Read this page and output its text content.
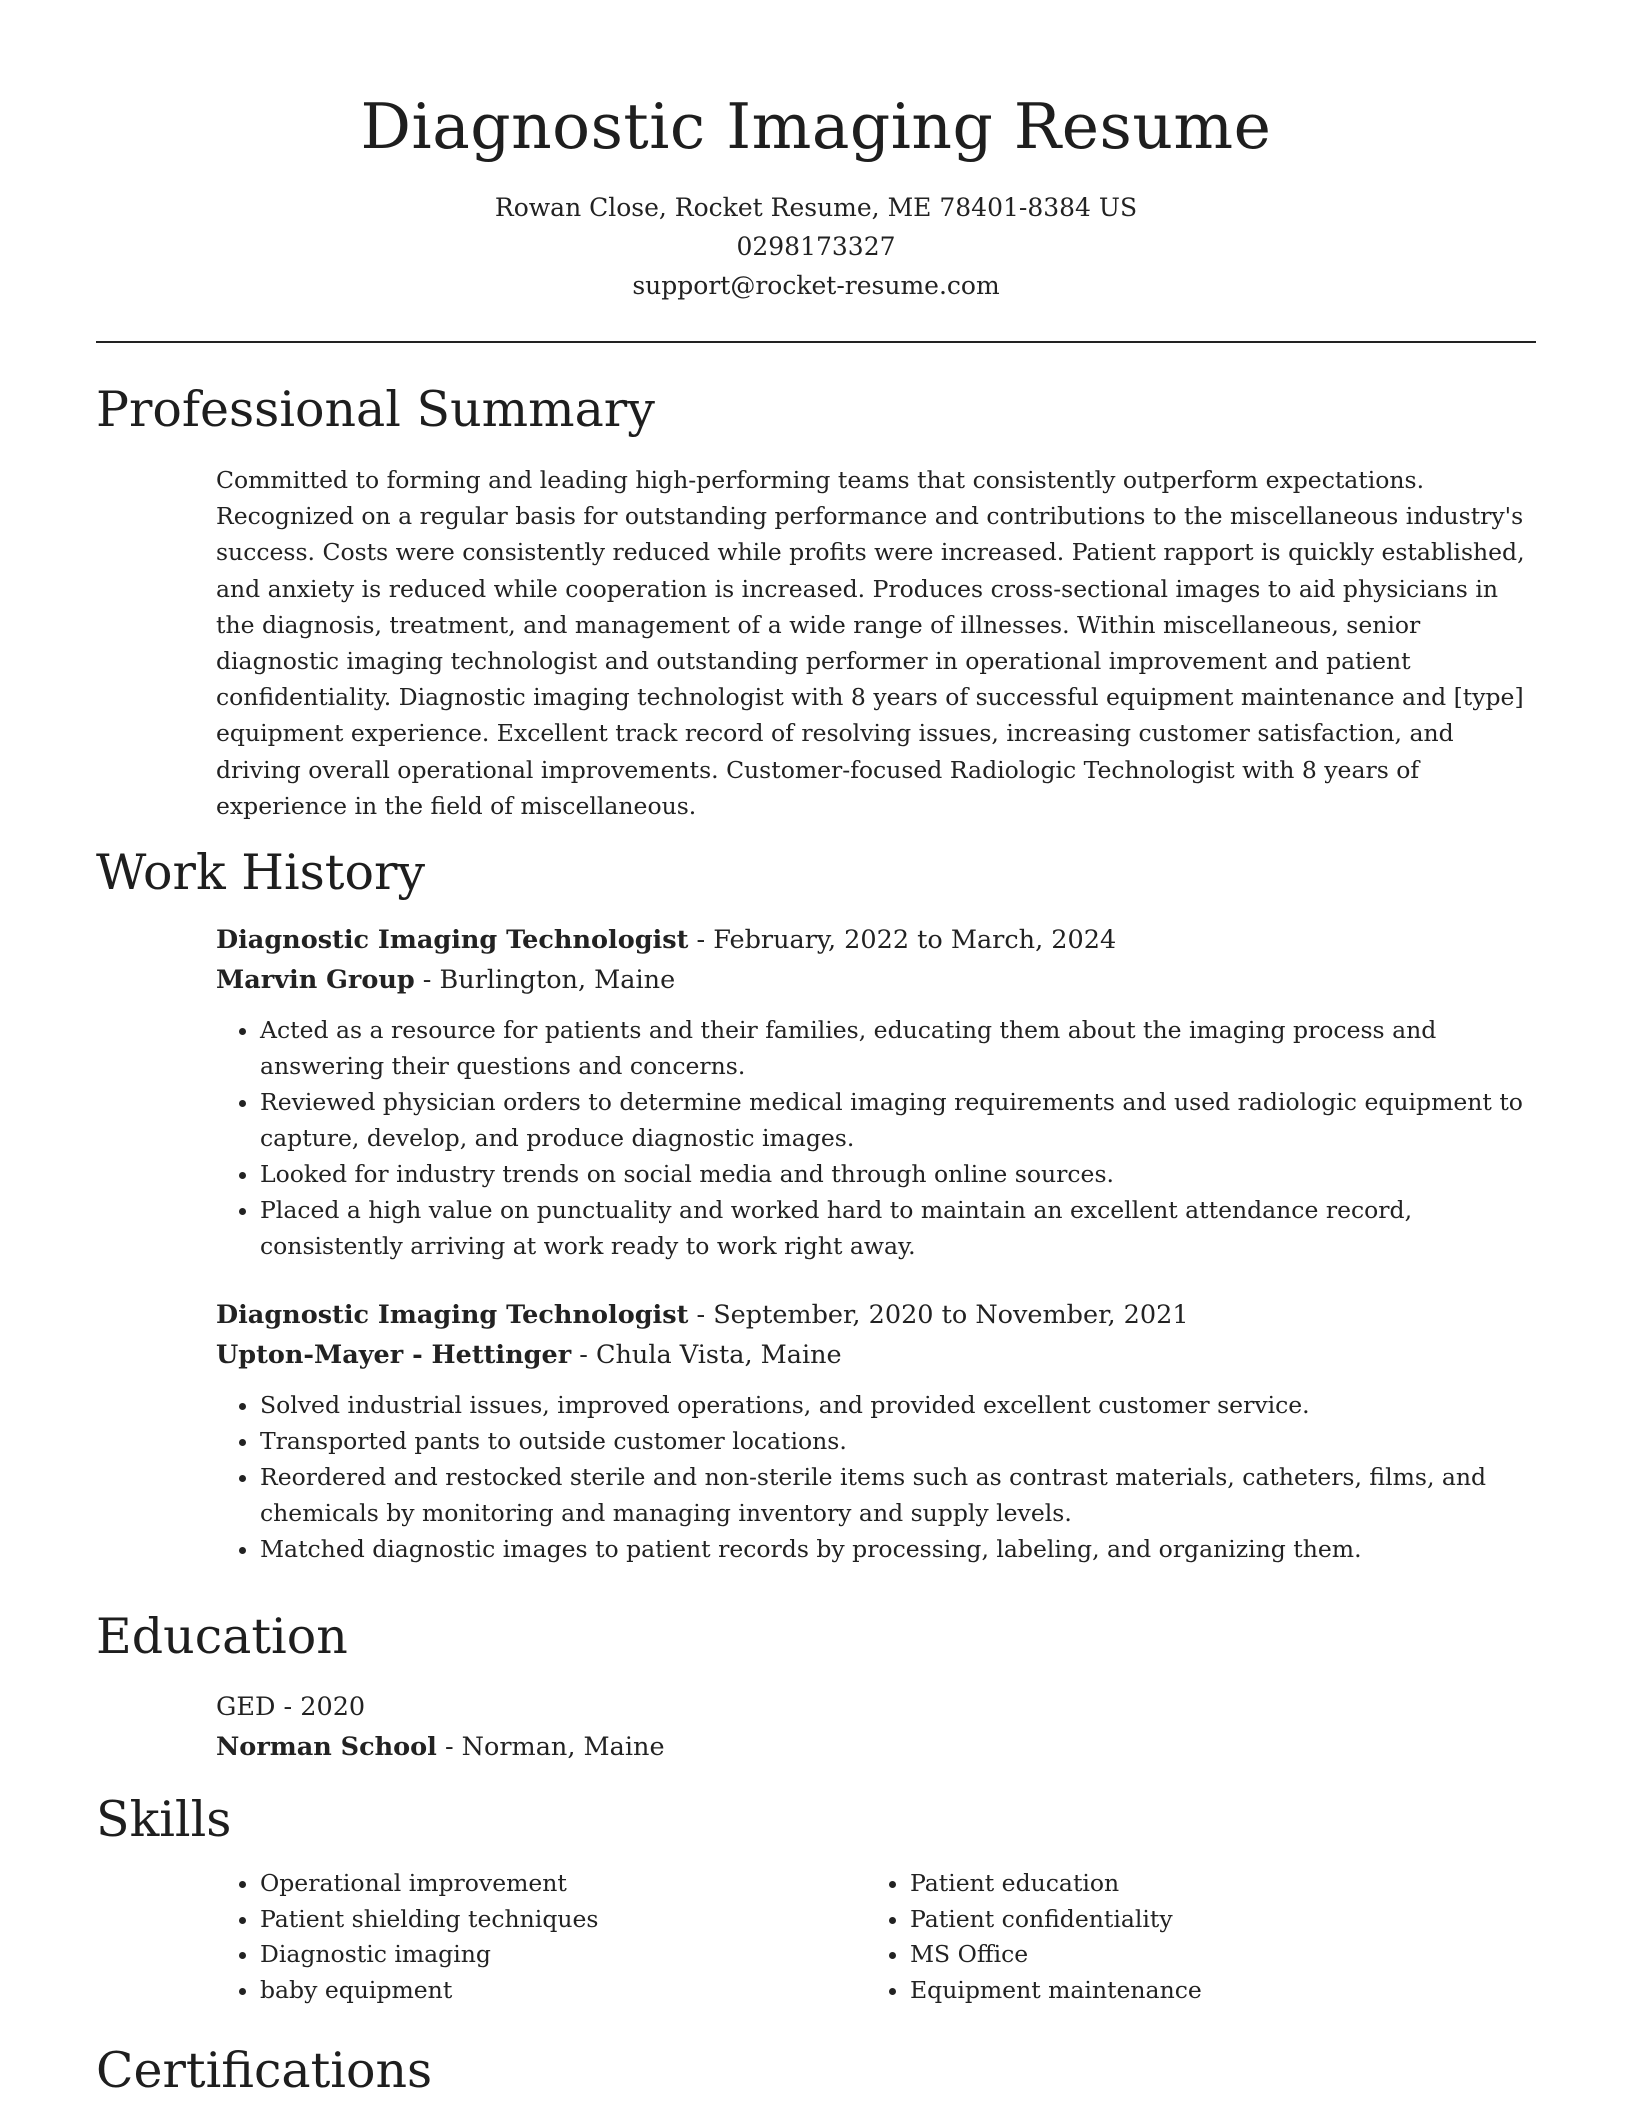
Diagnostic Imaging Resume
Rowan Close, Rocket Resume, ME 78401-8384 US
0298173327
support@rocket-resume.com
Professional Summary

Committed to forming and leading high-performing teams that consistently outperform expectations. Recognized on a regular basis for outstanding performance and contributions to the miscellaneous industry's success. Costs were consistently reduced while profits were increased. Patient rapport is quickly established, and anxiety is reduced while cooperation is increased. Produces cross-sectional images to aid physicians in the diagnosis, treatment, and management of a wide range of illnesses. Within miscellaneous, senior diagnostic imaging technologist and outstanding performer in operational improvement and patient confidentiality. Diagnostic imaging technologist with 8 years of successful equipment maintenance and [type] equipment experience. Excellent track record of resolving issues, increasing customer satisfaction, and driving overall operational improvements. Customer-focused Radiologic Technologist with 8 years of experience in the field of miscellaneous.

Work History
Diagnostic Imaging Technologist - February, 2022 to March, 2024
Marvin Group - Burlington, Maine
• Acted as a resource for patients and their families, educating them about the imaging process and answering their questions and concerns.
• Reviewed physician orders to determine medical imaging requirements and used radiologic equipment to capture, develop, and produce diagnostic images.
• Looked for industry trends on social media and through online sources.
• Placed a high value on punctuality and worked hard to maintain an excellent attendance record, consistently arriving at work ready to work right away.
Diagnostic Imaging Technologist - September, 2020 to November, 2021
Upton-Mayer - Hettinger - Chula Vista, Maine
• Solved industrial issues, improved operations, and provided excellent customer service.
• Transported pants to outside customer locations.
• Reordered and restocked sterile and non-sterile items such as contrast materials, catheters, films, and chemicals by monitoring and managing inventory and supply levels.
• Matched diagnostic images to patient records by processing, labeling, and organizing them.
Education
GED - 2020
Norman School - Norman, Maine
Skills
• Operational improvement
• Patient shielding techniques
• Diagnostic imaging
• baby equipment
• Patient education
• Patient confidentiality
• MS Office
• Equipment maintenance
Certifications
